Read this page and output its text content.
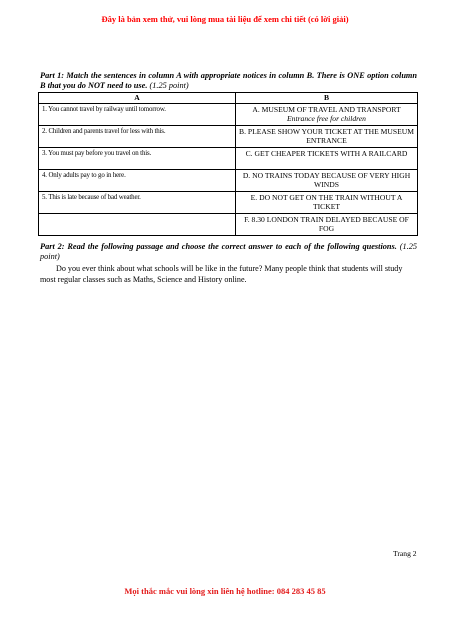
Đây là bản xem thử, vui lòng mua tài liệu để xem chi tiết (có lời giải)
Part 1: Match the sentences in column A with appropriate notices in column B. There is ONE option column B that you do NOT need to use. (1.25 point)
A	B
1. You cannot travel by railway until tomorrow.	A. MUSEUM OF TRAVEL AND TRANSPORT
Entrance free for children

2. Children and parents travel for less with this.	B. PLEASE SHOW YOUR TICKET AT THE MUSEUM ENTRANCE
3. You must pay before you travel on this.	C. GET CHEAPER TICKETS WITH A RAILCARD
4. Only adults pay to go in here.	D. NO TRAINS TODAY BECAUSE OF VERY HIGH WINDS
5. This is late because of bad weather.	E. DO NOT GET ON THE TRAIN WITHOUT A TICKET
	F. 8.30 LONDON TRAIN DELAYED BECAUSE OF FOG
Part 2: Read the following passage and choose the correct answer to each of the following questions. (1.25 point)
Do you ever think about what schools will be like in the future? Many people think that students will study most regular classes such as Maths, Science and History online.
Trang 2
Mọi thắc mắc vui lòng xin liên hệ hotline: 084 283 45 85
